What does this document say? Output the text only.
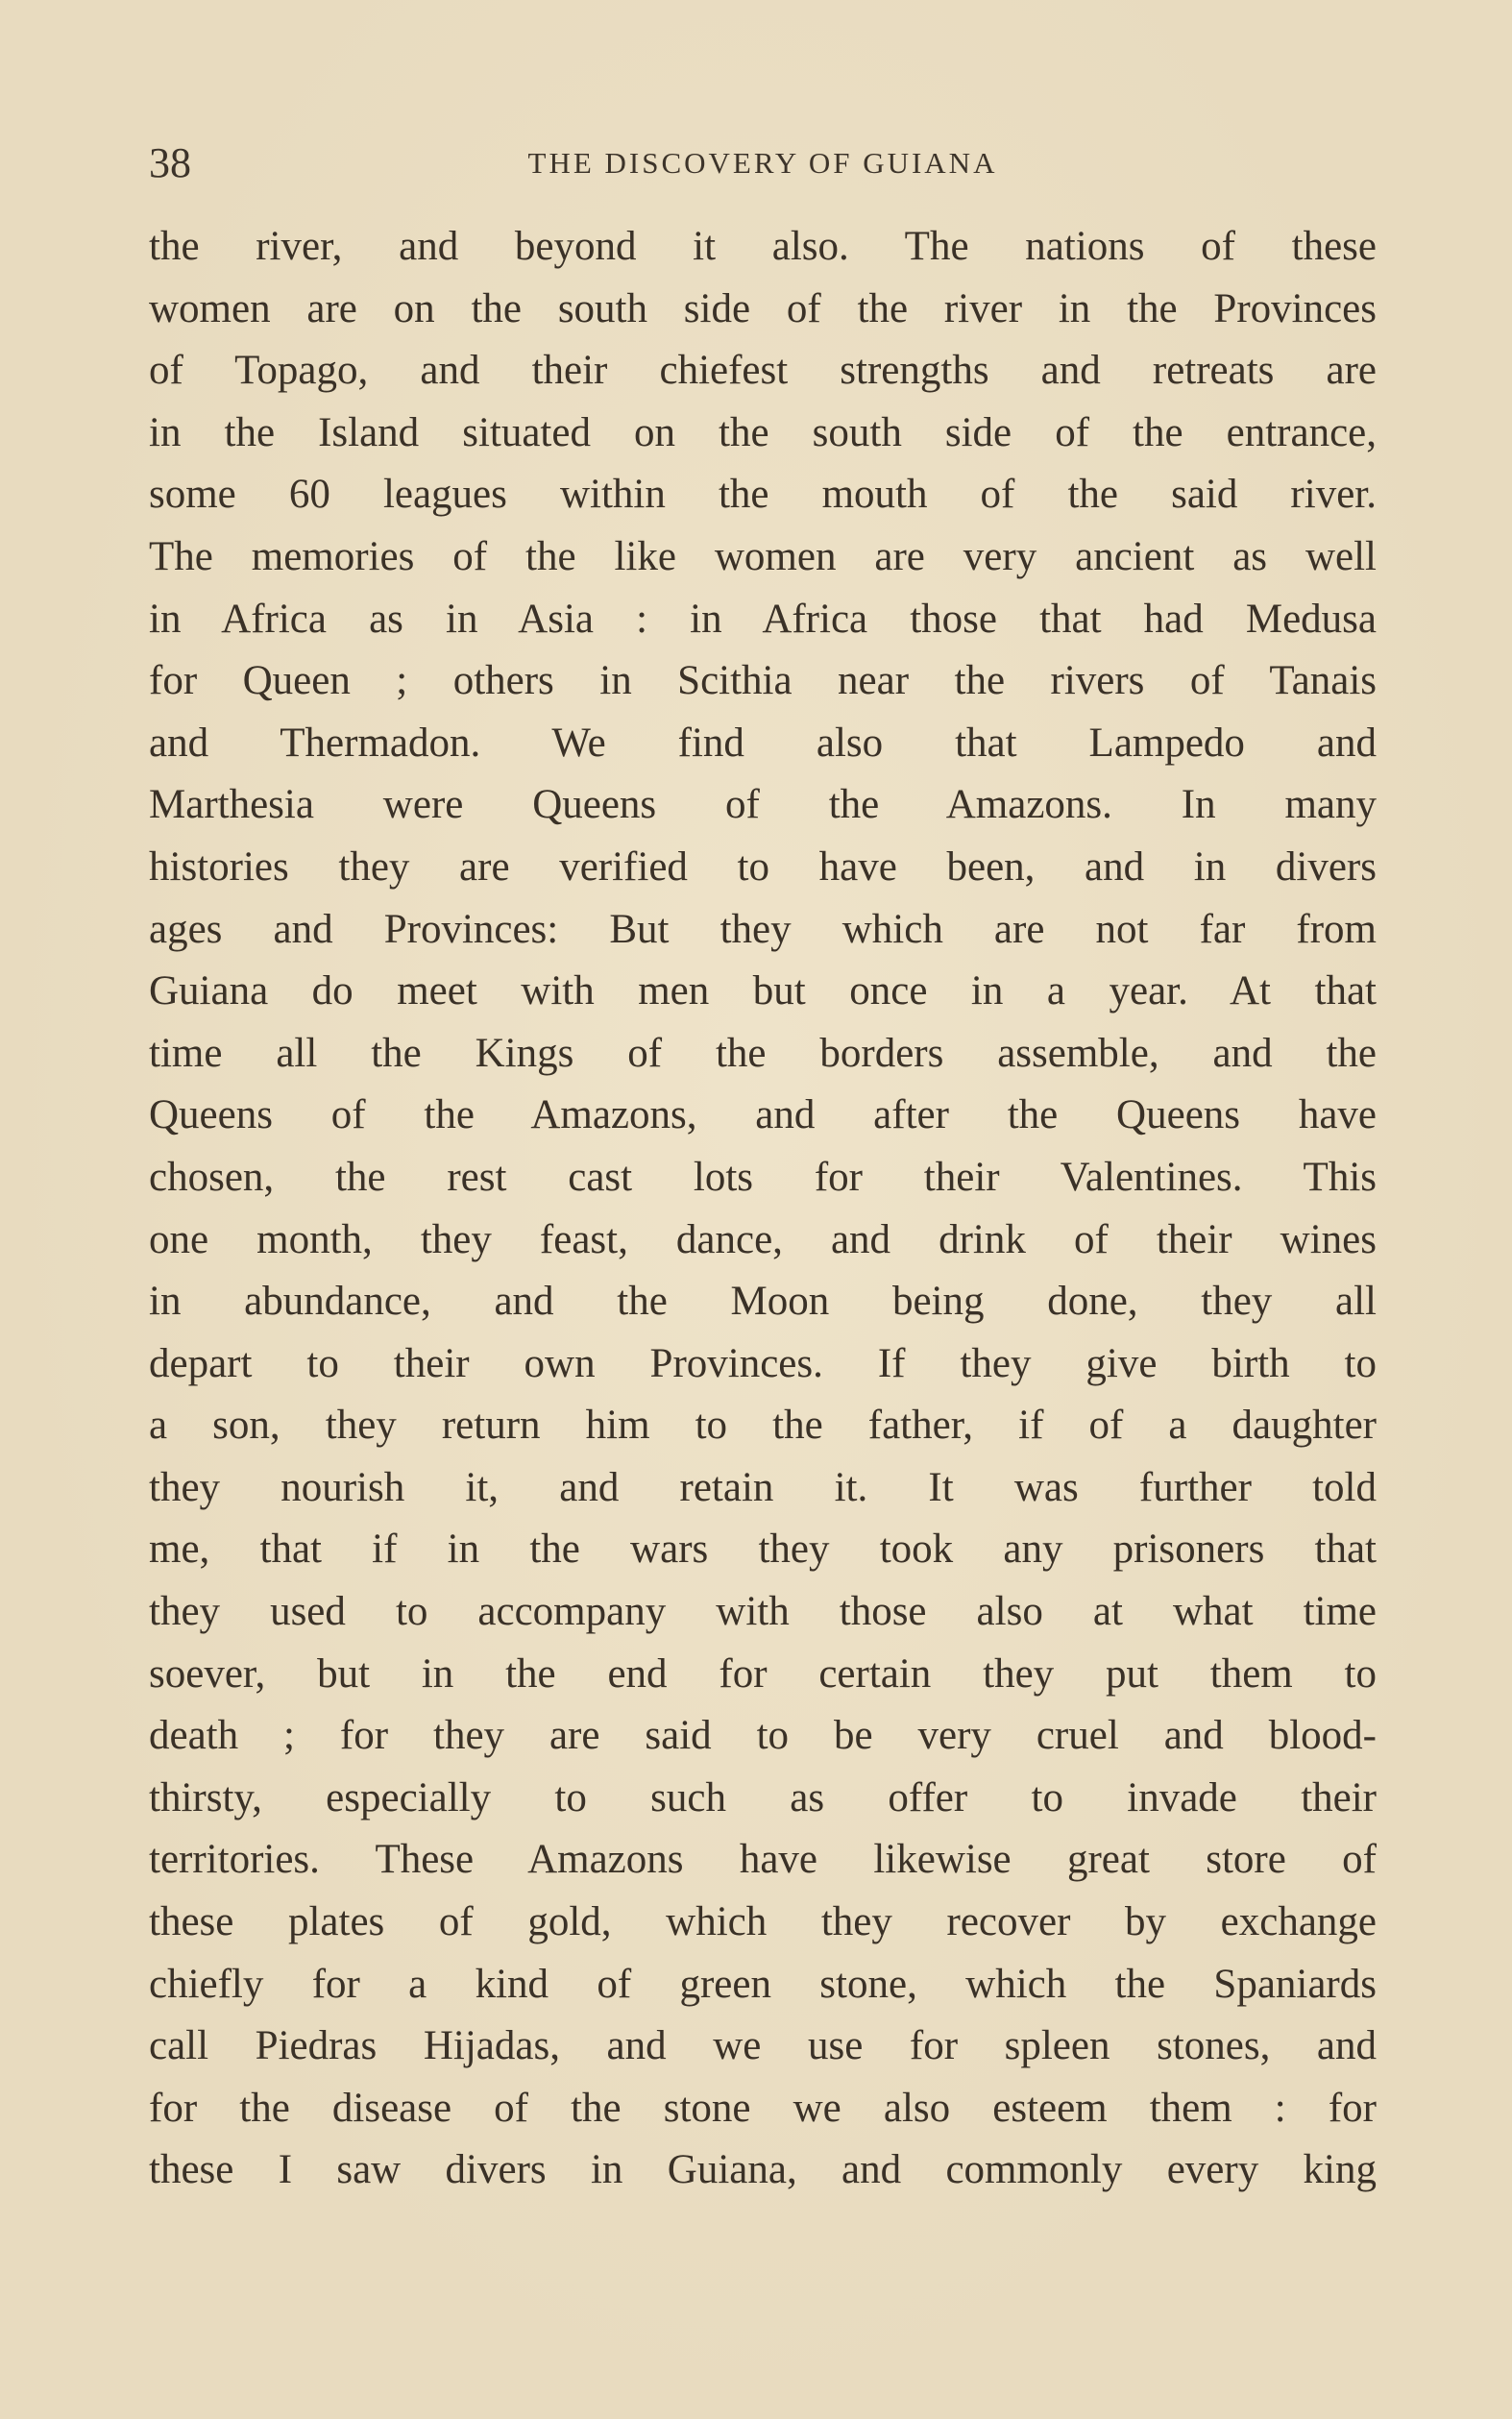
38	THE DISCOVERY OF GUIANA
the river, and beyond it also. The nations of these
women are on the south side of the river in the Provinces
of Topago, and their chiefest strengths and retreats are
in the Island situated on the south side of the entrance,
some 60 leagues within the mouth of the said river.
The memories of the like women are very ancient as well
in Africa as in Asia : in Africa those that had Medusa
for Queen ; others in Scithia near the rivers of Tanais
and Thermadon. We find also that Lampedo and
Marthesia were Queens of the Amazons. In many
histories they are verified to have been, and in divers
ages and Provinces: But they which are not far from
Guiana do meet with men but once in a year. At that
time all the Kings of the borders assemble, and the
Queens of the Amazons, and after the Queens have
chosen, the rest cast lots for their Valentines. This
one month, they feast, dance, and drink of their wines
in abundance, and the Moon being done, they all
depart to their own Provinces. If they give birth to
a son, they return him to the father, if of a daughter
they nourish it, and retain it. It was further told
me, that if in the wars they took any prisoners that
they used to accompany with those also at what time
soever, but in the end for certain they put them to
death ; for they are said to be very cruel and blood-
thirsty, especially to such as offer to invade their
territories. These Amazons have likewise great store of
these plates of gold, which they recover by exchange
chiefly for a kind of green stone, which the Spaniards
call Piedras Hijadas, and we use for spleen stones, and
for the disease of the stone we also esteem them : for
these I saw divers in Guiana, and commonly every king
